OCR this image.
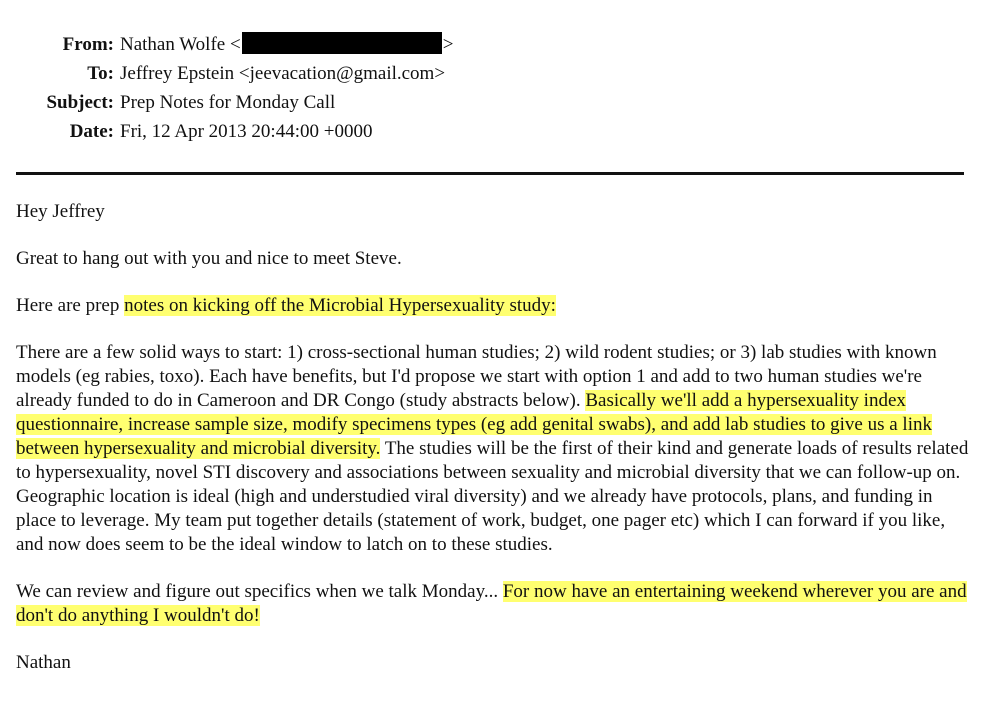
From: Nathan Wolfe <	>
To: Jeffrey Epstein <jeevacation@gmail.com>
Subject: Prep Notes for Monday Call
Date: Fri, 12 Apr 2013 20:44:00 +0000

Hey Jeffrey

Great to hang out with you and nice to meet Steve.

Here are prep notes on kicking off the Microbial Hypersexuality study:

There are a few solid ways to start: 1) cross-sectional human studies; 2) wild rodent studies; or 3) lab studies with known models (eg rabies, toxo). Each have benefits, but I'd propose we start with option 1 and add to two human studies we're already funded to do in Cameroon and DR Congo (study abstracts below). Basically we'll add a hypersexuality index questionnaire, increase sample size, modify specimens types (eg add genital swabs), and add lab studies to give us a link between hypersexuality and microbial diversity. The studies will be the first of their kind and generate loads of results related to hypersexuality, novel STI discovery and associations between sexuality and microbial diversity that we can follow-up on. Geographic location is ideal (high and understudied viral diversity) and we already have protocols, plans, and funding in place to leverage. My team put together details (statement of work, budget, one pager etc) which I can forward if you like, and now does seem to be the ideal window to latch on to these studies.

We can review and figure out specifics when we talk Monday... For now have an entertaining weekend wherever you are and don't do anything I wouldn't do!

Nathan
